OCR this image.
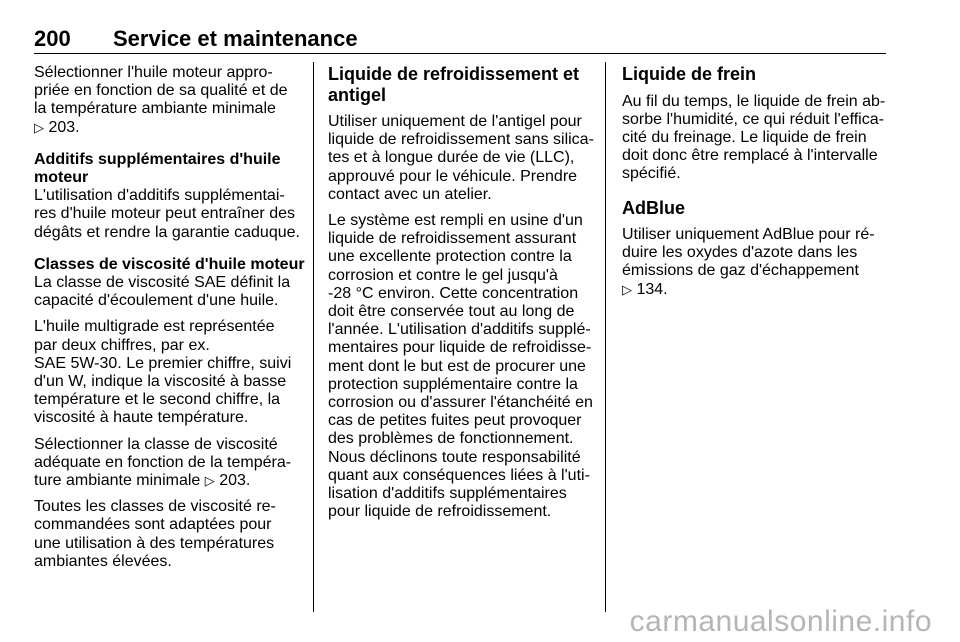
200 Service et maintenance
Sélectionner l'huile moteur appro-
priée en fonction de sa qualité et de
la température ambiante minimale
▷ 203.
Additifs supplémentaires d'huile
moteur
L'utilisation d'additifs supplémentai-
res d'huile moteur peut entraîner des
dégâts et rendre la garantie caduque.
Classes de viscosité d'huile moteur
La classe de viscosité SAE définit la
capacité d'écoulement d'une huile.
L'huile multigrade est représentée
par deux chiffres, par ex.
SAE 5W-30. Le premier chiffre, suivi
d'un W, indique la viscosité à basse
température et le second chiffre, la
viscosité à haute température.
Sélectionner la classe de viscosité
adéquate en fonction de la tempéra-
ture ambiante minimale ▷ 203.
Toutes les classes de viscosité re-
commandées sont adaptées pour
une utilisation à des températures
ambiantes élevées.
Liquide de refroidissement et
antigel
Utiliser uniquement de l'antigel pour
liquide de refroidissement sans silica-
tes et à longue durée de vie (LLC),
approuvé pour le véhicule. Prendre
contact avec un atelier.
Le système est rempli en usine d'un
liquide de refroidissement assurant
une excellente protection contre la
corrosion et contre le gel jusqu'à
-28 °C environ. Cette concentration
doit être conservée tout au long de
l'année. L'utilisation d'additifs supplé-
mentaires pour liquide de refroidisse-
ment dont le but est de procurer une
protection supplémentaire contre la
corrosion ou d'assurer l'étanchéité en
cas de petites fuites peut provoquer
des problèmes de fonctionnement.
Nous déclinons toute responsabilité
quant aux conséquences liées à l'uti-
lisation d'additifs supplémentaires
pour liquide de refroidissement.
Liquide de frein
Au fil du temps, le liquide de frein ab-
sorbe l'humidité, ce qui réduit l'effica-
cité du freinage. Le liquide de frein
doit donc être remplacé à l'intervalle
spécifié.
AdBlue
Utiliser uniquement AdBlue pour ré-
duire les oxydes d'azote dans les
émissions de gaz d'échappement
▷ 134.
carmanualsonline.info
